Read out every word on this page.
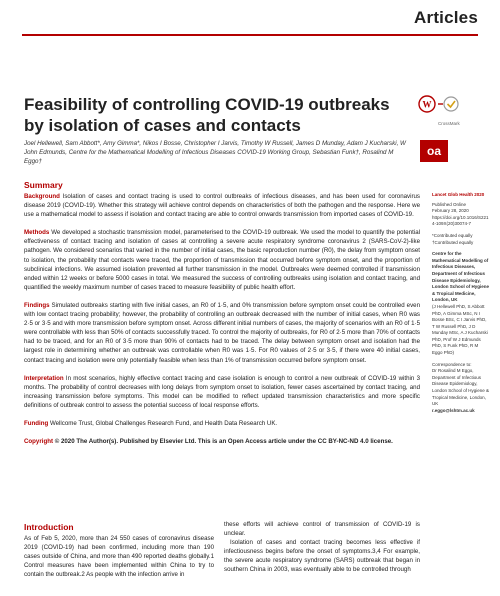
Articles
Feasibility of controlling COVID-19 outbreaks by isolation of cases and contacts
Joel Hellewell, Sam Abbott*, Amy Gimma*, Nikos I Bosse, Christopher I Jarvis, Timothy W Russell, James D Munday, Adam J Kucharski, W John Edmunds, Centre for the Mathematical Modelling of Infectious Diseases COVID-19 Working Group, Sebastian Funk†, Rosalind M Eggo†
W
CrossMark
oa
Summary

Background Isolation of cases and contact tracing is used to control outbreaks of infectious diseases, and has been used for coronavirus disease 2019 (COVID-19). Whether this strategy will achieve control depends on characteristics of both the pathogen and the response. Here we use a mathematical model to assess if isolation and contact tracing are able to control onwards transmission from imported cases of COVID-19.

Methods We developed a stochastic transmission model, parameterised to the COVID-19 outbreak. We used the model to quantify the potential effectiveness of contact tracing and isolation of cases at controlling a severe acute respiratory syndrome coronavirus 2 (SARS-CoV-2)-like pathogen. We considered scenarios that varied in the number of initial cases, the basic reproduction number (R0), the delay from symptom onset to isolation, the probability that contacts were traced, the proportion of transmission that occurred before symptom onset, and the proportion of subclinical infections. We assumed isolation prevented all further transmission in the model. Outbreaks were deemed controlled if transmission ended within 12 weeks or before 5000 cases in total. We measured the success of controlling outbreaks using isolation and contact tracing, and quantified the weekly maximum number of cases traced to measure feasibility of public health effort.

Findings Simulated outbreaks starting with five initial cases, an R0 of 1·5, and 0% transmission before symptom onset could be controlled even with low contact tracing probability; however, the probability of controlling an outbreak decreased with the number of initial cases, when R0 was 2·5 or 3·5 and with more transmission before symptom onset. Across different initial numbers of cases, the majority of scenarios with an R0 of 1·5 were controllable with less than 50% of contacts successfully traced. To control the majority of outbreaks, for R0 of 2·5 more than 70% of contacts had to be traced, and for an R0 of 3·5 more than 90% of contacts had to be traced. The delay between symptom onset and isolation had the largest role in determining whether an outbreak was controllable when R0 was 1·5. For R0 values of 2·5 or 3·5, if there were 40 initial cases, contact tracing and isolation were only potentially feasible when less than 1% of transmission occurred before symptom onset.

Interpretation In most scenarios, highly effective contact tracing and case isolation is enough to control a new outbreak of COVID-19 within 3 months. The probability of control decreases with long delays from symptom onset to isolation, fewer cases ascertained by contact tracing, and increasing transmission before symptoms. This model can be modified to reflect updated transmission characteristics and more specific definitions of outbreak control to assess the potential success of local response efforts.

Funding Wellcome Trust, Global Challenges Research Fund, and Health Data Research UK.

Copyright © 2020 The Author(s). Published by Elsevier Ltd. This is an Open Access article under the CC BY-NC-ND 4.0 license.

Lancet Glob Health 2020
Published Online
February 28, 2020
https://doi.org/10.1016/S2214-109X(20)30074-7
*Contributed equally
†Contributed equally
Centre for the Mathematical Modelling of Infectious Diseases, Department of Infectious Disease Epidemiology, London School of Hygiene & Tropical Medicine, London, UK
(J Hellewell PhD, S Abbott PhD, A Gimma MSc, N I Bosse BSc, C I Jarvis PhD, T W Russell PhD, J D Munday MSc, A J Kucharski PhD, Prof W J Edmunds PhD, S Funk PhD, R M Eggo PhD)
Correspondence to:
Dr Rosalind M Eggo, Department of Infectious Disease Epidemiology, London School of Hygiene & Tropical Medicine, London, UK
r.eggo@lshtm.ac.uk
Introduction
As of Feb 5, 2020, more than 24 550 cases of coronavirus disease 2019 (COVID-19) had been confirmed, including more than 190 cases outside of China, and more than 490 reported deaths globally.1 Control measures have been implemented within China to try to contain the outbreak.2 As people with the infection arrive in

these efforts will achieve control of transmission of COVID-19 is unclear.

Isolation of cases and contact tracing becomes less effective if infectiousness begins before the onset of symptoms.3,4 For example, the severe acute respiratory syndrome (SARS) outbreak that began in southern China in 2003, was eventually able to be controlled through
